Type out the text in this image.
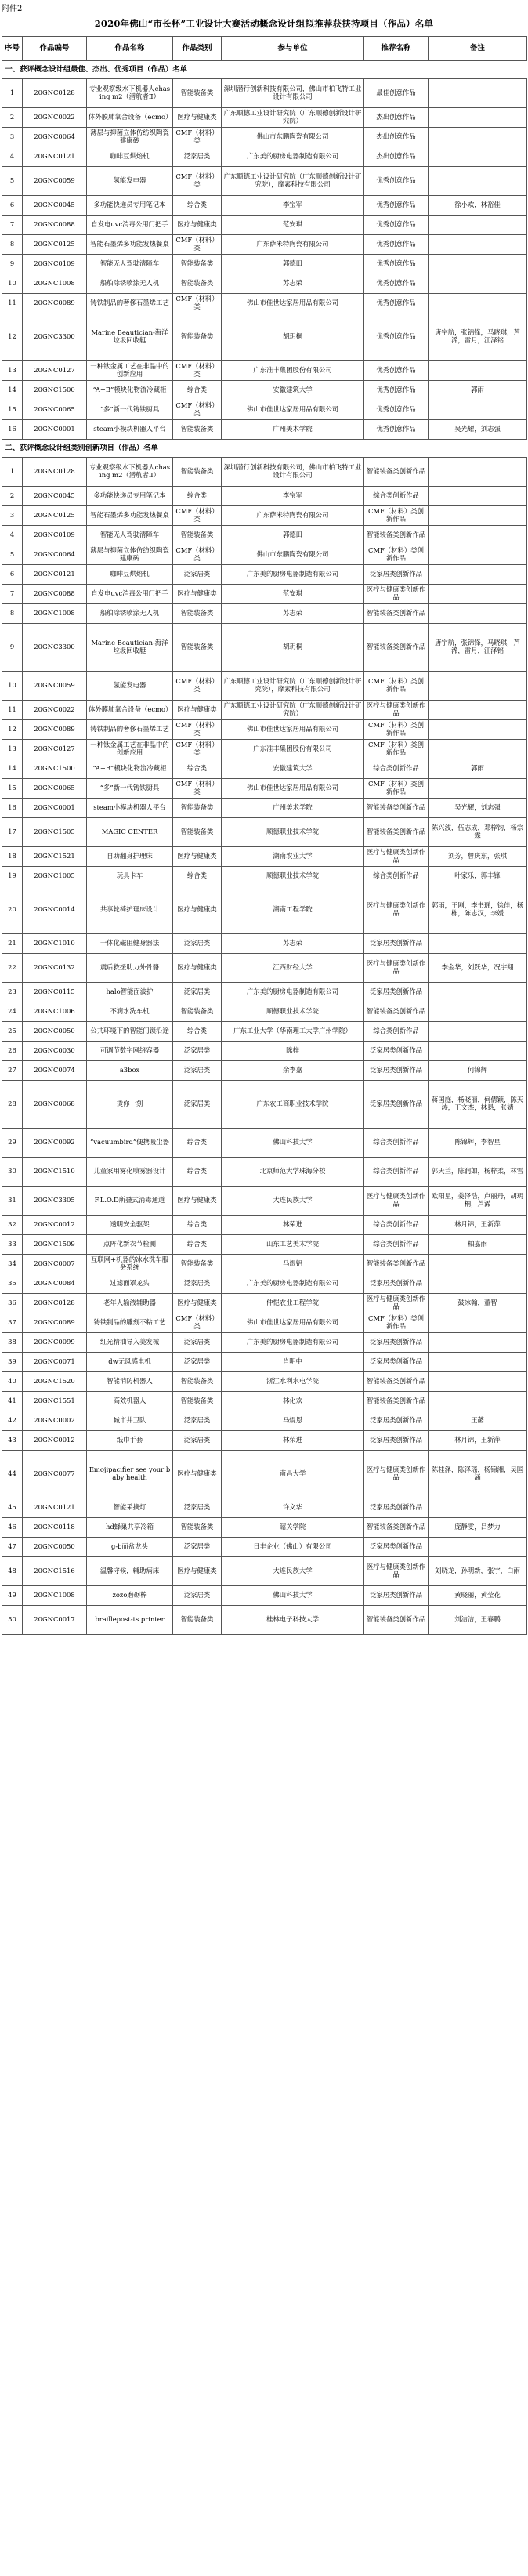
附件2
2020年佛山“市长杯”工业设计大赛活动概念设计组拟推荐获扶持项目（作品）名单
序号	作品编号	作品名称	作品类别	参与单位	推荐名称	备注
一、获评概念设计组最佳、杰出、优秀项目（作品）名单						
1	20GNC0128	专业观察级水下机器人chasing m2（潜航者Ⅱ）	智能装备类	深圳潜行创新科技有限公司，佛山市柏飞特工业设计有限公司	最佳创意作品	
2	20GNC0022	体外膜肺氧合设备（ecmo）	医疗与健康类	广东顺德工业设计研究院（广东顺德创新设计研究院）	杰出创意作品	
3	20GNC0064	薄层与抑菌立体仿纺织陶瓷建康砖	CMF（材料）类	佛山市东鹏陶瓷有限公司	杰出创意作品	
4	20GNC0121	咖啡豆烘焙机	泛家居类	广东美的厨房电器制造有限公司	杰出创意作品	
5	20GNC0059	氢能发电器	CMF（材料）类	广东顺德工业设计研究院（广东顺德创新设计研究院），摩素科技有限公司	优秀创意作品	
6	20GNC0045	多功能快递员专用笔记本	综合类	李宝军	优秀创意作品	徐小欢，林裕佳
7	20GNC0088	自发电uvc消毒公用门把手	医疗与健康类	范安琪	优秀创意作品	
8	20GNC0125	智能石墨烯多功能发热餐桌	CMF（材料）类	广东萨米特陶瓷有限公司	优秀创意作品	
9	20GNC0109	智能无人驾驶清障车	智能装备类	郭德田	优秀创意作品	
10	20GNC1008	船舶除锈喷涂无人机	智能装备类	苏志荣	优秀创意作品	
11	20GNC0089	铸铁制品的奢侈石墨烯工艺	CMF（材料）类	佛山市佳世达家居用品有限公司	优秀创意作品	
12	20GNC3300	Marine Beautician-海洋垃圾回收艇	智能装备类	胡玥桐	优秀创意作品	唐宇航，张锦锋，马晓琪，芦浠，雷月，江泽铭
13	20GNC0127	一种钛金属工艺在非晶中的创新应用	CMF（材料）类	广东准丰集团股份有限公司	优秀创意作品	
14	20GNC1500	“A+B”模块化物流冷藏柜	综合类	安徽建筑大学	优秀创意作品	郭雨
15	20GNC0065	“多”新一代铸铁厨具	CMF（材料）类	佛山市佳世达家居用品有限公司	优秀创意作品	
16	20GNC0001	steam小模块机器人平台	智能装备类	广州美术学院	优秀创意作品	吴光耀，刘志强
二、获评概念设计组类别创新项目（作品）名单						
1	20GNC0128	专业观察级水下机器人chasing m2（潜航者Ⅱ）	智能装备类	深圳潜行创新科技有限公司，佛山市柏飞特工业设计有限公司	智能装备类创新作品	
2	20GNC0045	多功能快递员专用笔记本	综合类	李宝军	综合类创新作品	
3	20GNC0125	智能石墨烯多功能发热餐桌	CMF（材料）类	广东萨米特陶瓷有限公司	CMF（材料）类创新作品	
4	20GNC0109	智能无人驾驶清障车	智能装备类	郭德田	智能装备类创新作品	
5	20GNC0064	薄层与抑菌立体仿纺织陶瓷建康砖	CMF（材料）类	佛山市东鹏陶瓷有限公司	CMF（材料）类创新作品	
6	20GNC0121	咖啡豆烘焙机	泛家居类	广东美的厨房电器制造有限公司	泛家居类创新作品	
7	20GNC0088	自发电uvc消毒公用门把手	医疗与健康类	范安琪	医疗与健康类创新作品	
8	20GNC1008	船舶除锈喷涂无人机	智能装备类	苏志荣	智能装备类创新作品	
9	20GNC3300	Marine Beautician-海洋垃圾回收艇	智能装备类	胡玥桐	智能装备类创新作品	唐宇航，张锦锋，马晓琪，芦浠，雷月，江泽铭
10	20GNC0059	氢能发电器	CMF（材料）类	广东顺德工业设计研究院（广东顺德创新设计研究院），摩素科技有限公司	CMF（材料）类创新作品	
11	20GNC0022	体外膜肺氧合设备（ecmo）	医疗与健康类	广东顺德工业设计研究院（广东顺德创新设计研究院）	医疗与健康类创新作品	
12	20GNC0089	铸铁制品的奢侈石墨烯工艺	CMF（材料）类	佛山市佳世达家居用品有限公司	CMF（材料）类创新作品	
13	20GNC0127	一种钛金属工艺在非晶中的创新应用	CMF（材料）类	广东准丰集团股份有限公司	CMF（材料）类创新作品	
14	20GNC1500	“A+B”模块化物流冷藏柜	综合类	安徽建筑大学	综合类创新作品	郭雨
15	20GNC0065	“多”新一代铸铁厨具	CMF（材料）类	佛山市佳世达家居用品有限公司	CMF（材料）类创新作品	
16	20GNC0001	steam小模块机器人平台	智能装备类	广州美术学院	智能装备类创新作品	吴光耀，刘志强
17	20GNC1505	MAGIC CENTER	智能装备类	顺德职业技术学院	智能装备类创新作品	陈兴波，伍志成，邓梓钧，杨宗霖
18	20GNC1521	自助翻身护理床	医疗与健康类	湖南农业大学	医疗与健康类创新作品	刘芳，曾庆东，张琪
19	20GNC1005	玩具卡车	综合类	顺德职业技术学院	综合类创新作品	叶家乐，郭丰锋
20	20GNC0014	共享轮椅护理床设计	医疗与健康类	湖南工程学院	医疗与健康类创新作品	郭雨，王刚，李书瑶，徐佳，杨栋，陈志汉，李媛
21	20GNC1010	一体化磁阻健身器法	泛家居类	苏志荣	泛家居类创新作品	
22	20GNC0132	震后救援助力外骨骼	医疗与健康类	江西财经大学	医疗与健康类创新作品	李金华，刘跃华，况宇翔
23	20GNC0115	halo智能面波护	泛家居类	广东美的厨房电器制造有限公司	泛家居类创新作品	
24	20GNC1006	不滴水洗车机	智能装备类	顺德职业技术学院	智能装备类创新作品	
25	20GNC0050	公共环境下的智能门锁沿途	综合类	广东工业大学（华南理工大学广州学院）	综合类创新作品	
26	20GNC0030	可调节数字网络容器	泛家居类	陈梓	泛家居类创新作品	
27	20GNC0074	a3box	泛家居类	余李嘉	泛家居类创新作品	何锦辉
28	20GNC0068	烫你一刻	泛家居类	广东农工商职业技术学院	泛家居类创新作品	蒋国庭，杨晓丽，何倩颖，陈天涛，王文杰，林恳，张婧
29	20GNC0092	“vacuumbird”便携吸尘器	综合类	佛山科技大学	综合类创新作品	陈锦辉，李智星
30	20GNC1510	儿童家用雾化喷雾器设计	综合类	北京师范大学珠海分校	综合类创新作品	郭天兰，陈润如，杨梓柔，林雪
31	20GNC3305	F.L.O.D所叠式消毒通道	医疗与健康类	大连民族大学	医疗与健康类创新作品	欧阳星，姜泽浩，卢丽丹，胡玥桐，芦浠
32	20GNC0012	透明安全驱架	综合类	林荣进	综合类创新作品	林月锦，王新萍
33	20GNC1509	点阵化新衣节检测	综合类	山东工艺美术学院	综合类创新作品	柏嘉雨
34	20GNC0007	互联网+机器的冰水洗车服务系统	智能装备类	马煜铝	智能装备类创新作品	
35	20GNC0084	过滤面罩龙头	泛家居类	广东美的厨房电器制造有限公司	泛家居类创新作品	
36	20GNC0128	老年人输液辅助器	医疗与健康类	仲恺农业工程学院	医疗与健康类创新作品	鼓冰翰，董智
37	20GNC0089	铸铁制品的雕刻不粘工艺	CMF（材料）类	佛山市佳世达家居用品有限公司	CMF（材料）类创新作品	
38	20GNC0099	红光精油导入美发械	泛家居类	广东美的厨房电器制造有限公司	泛家居类创新作品	
39	20GNC0071	dw无风感电机	泛家居类	肖明中	泛家居类创新作品	
40	20GNC1520	智能消防机器人	智能装备类	浙江水利水电学院	智能装备类创新作品	
41	20GNC1551	高效机器人	智能装备类	林化欢	智能装备类创新作品	
42	20GNC0002	城市井卫队	泛家居类	马焜恩	泛家居类创新作品	王菡
43	20GNC0012	纸巾手套	泛家居类	林荣进	泛家居类创新作品	林月锦，王新萍
44	20GNC0077	Emojipacifier see your baby health	医疗与健康类	南昌大学	医疗与健康类创新作品	陈桂泽，陈泽瑶，杨锦湘，吴国涵
45	20GNC0121	智能采摘灯	泛家居类	许文华	泛家居类创新作品	
46	20GNC0118	hd蜂巢共享冷箱	智能装备类	韶关学院	智能装备类创新作品	庞静雯，吕梦力
47	20GNC0050	g-b面盆龙头	泛家居类	日丰企业（佛山）有限公司	泛家居类创新作品	
48	20GNC1516	温馨守候，辅助病床	医疗与健康类	大连民族大学	医疗与健康类创新作品	刘晓龙，孙明新，张宇，白雨
49	20GNC1008	zozo磨砺棒	泛家居类	佛山科技大学	泛家居类创新作品	黄晓丽，黄莹花
50	20GNC0017	braillepost-ts printer	智能装备类	桂林电子科技大学	智能装备类创新作品	刘洁洁，王春鹏
